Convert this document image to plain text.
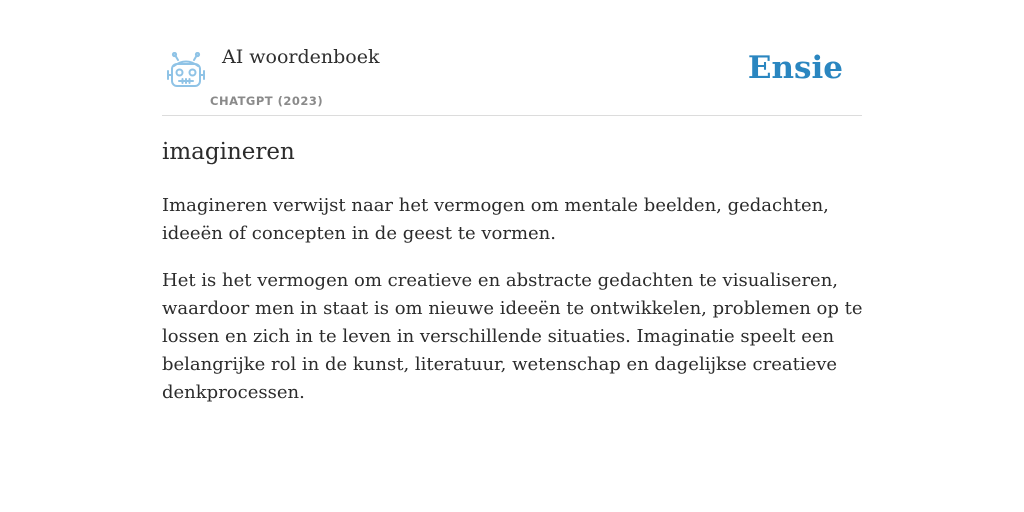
AI woordenboek
CHATGPT (2023)
Ensie
imagineren

Imagineren verwijst naar het vermogen om mentale beelden, gedachten, ideeën of concepten in de geest te vormen.

Het is het vermogen om creatieve en abstracte gedachten te visualiseren, waardoor men in staat is om nieuwe ideeën te ontwikkelen, problemen op te lossen en zich in te leven in verschillende situaties. Imaginatie speelt een belangrijke rol in de kunst, literatuur, wetenschap en dagelijkse creatieve denkprocessen.
